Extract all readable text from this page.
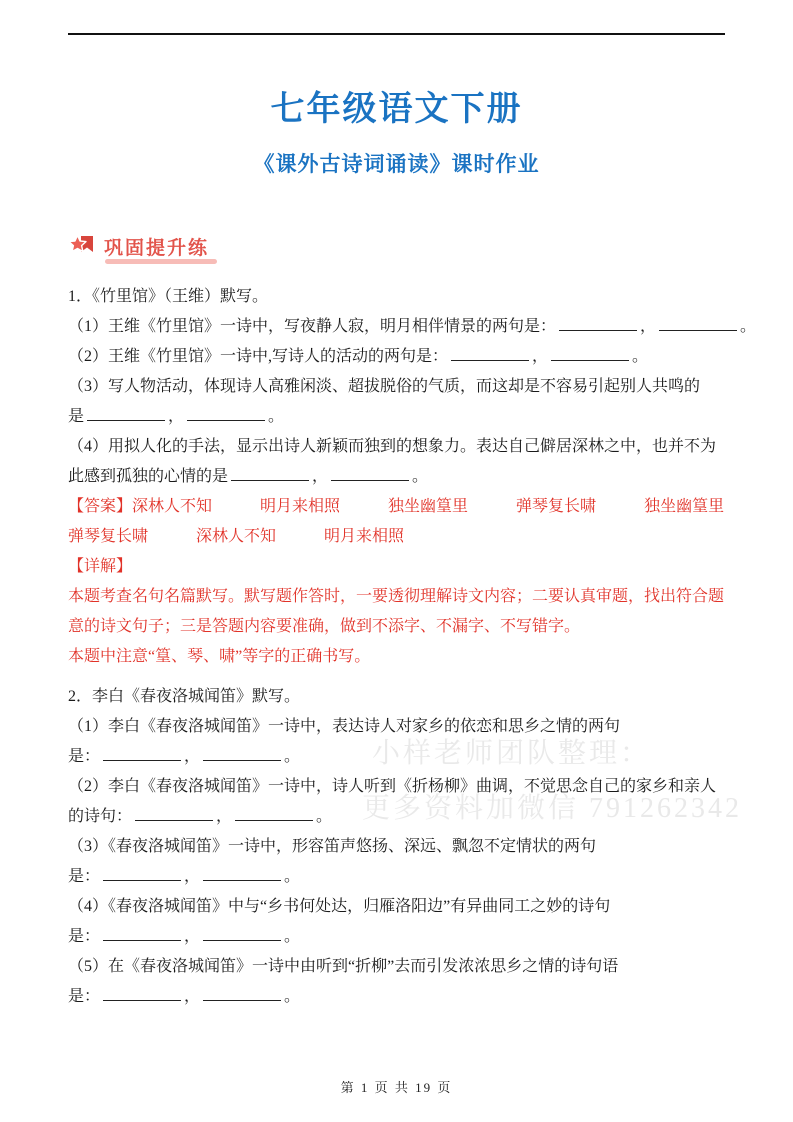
小样老师团队整理：
更多资料加微信 791262342
七年级语文下册
《课外古诗词诵读》课时作业
巩固提升练

1．《竹里馆》（王维）默写。

（1）王维《竹里馆》一诗中，写夜静人寂，明月相伴情景的两句是：	，	。

（2）王维《竹里馆》一诗中,写诗人的活动的两句是：	，	。

（3）写人物活动，体现诗人高雅闲淡、超拔脱俗的气质，而这却是不容易引起别人共鸣的

是	，	。

（4）用拟人化的手法，显示出诗人新颖而独到的想象力。表达自己僻居深林之中，也并不为

此感到孤独的心情的是	，	。

【答案】深林人不知	明月来相照	独坐幽篁里	弹琴复长啸	独坐幽篁里

弹琴复长啸	深林人不知	明月来相照

【详解】

本题考查名句名篇默写。默写题作答时，一要透彻理解诗文内容；二要认真审题，找出符合题

意的诗文句子；三是答题内容要准确，做到不添字、不漏字、不写错字。

本题中注意“篁、琴、啸”等字的正确书写。

2．李白《春夜洛城闻笛》默写。

（1）李白《春夜洛城闻笛》一诗中，表达诗人对家乡的依恋和思乡之情的两句

是：	，	。

（2）李白《春夜洛城闻笛》一诗中，诗人听到《折杨柳》曲调，不觉思念自己的家乡和亲人

的诗句：	，	。

（3）《春夜洛城闻笛》一诗中，形容笛声悠扬、深远、飘忽不定情状的两句

是：	，	。

（4）《春夜洛城闻笛》中与“乡书何处达，归雁洛阳边”有异曲同工之妙的诗句

是：	，	。

（5）在《春夜洛城闻笛》一诗中由听到“折柳”去而引发浓浓思乡之情的诗句语

是：	，	。

第 1 页 共 19 页
